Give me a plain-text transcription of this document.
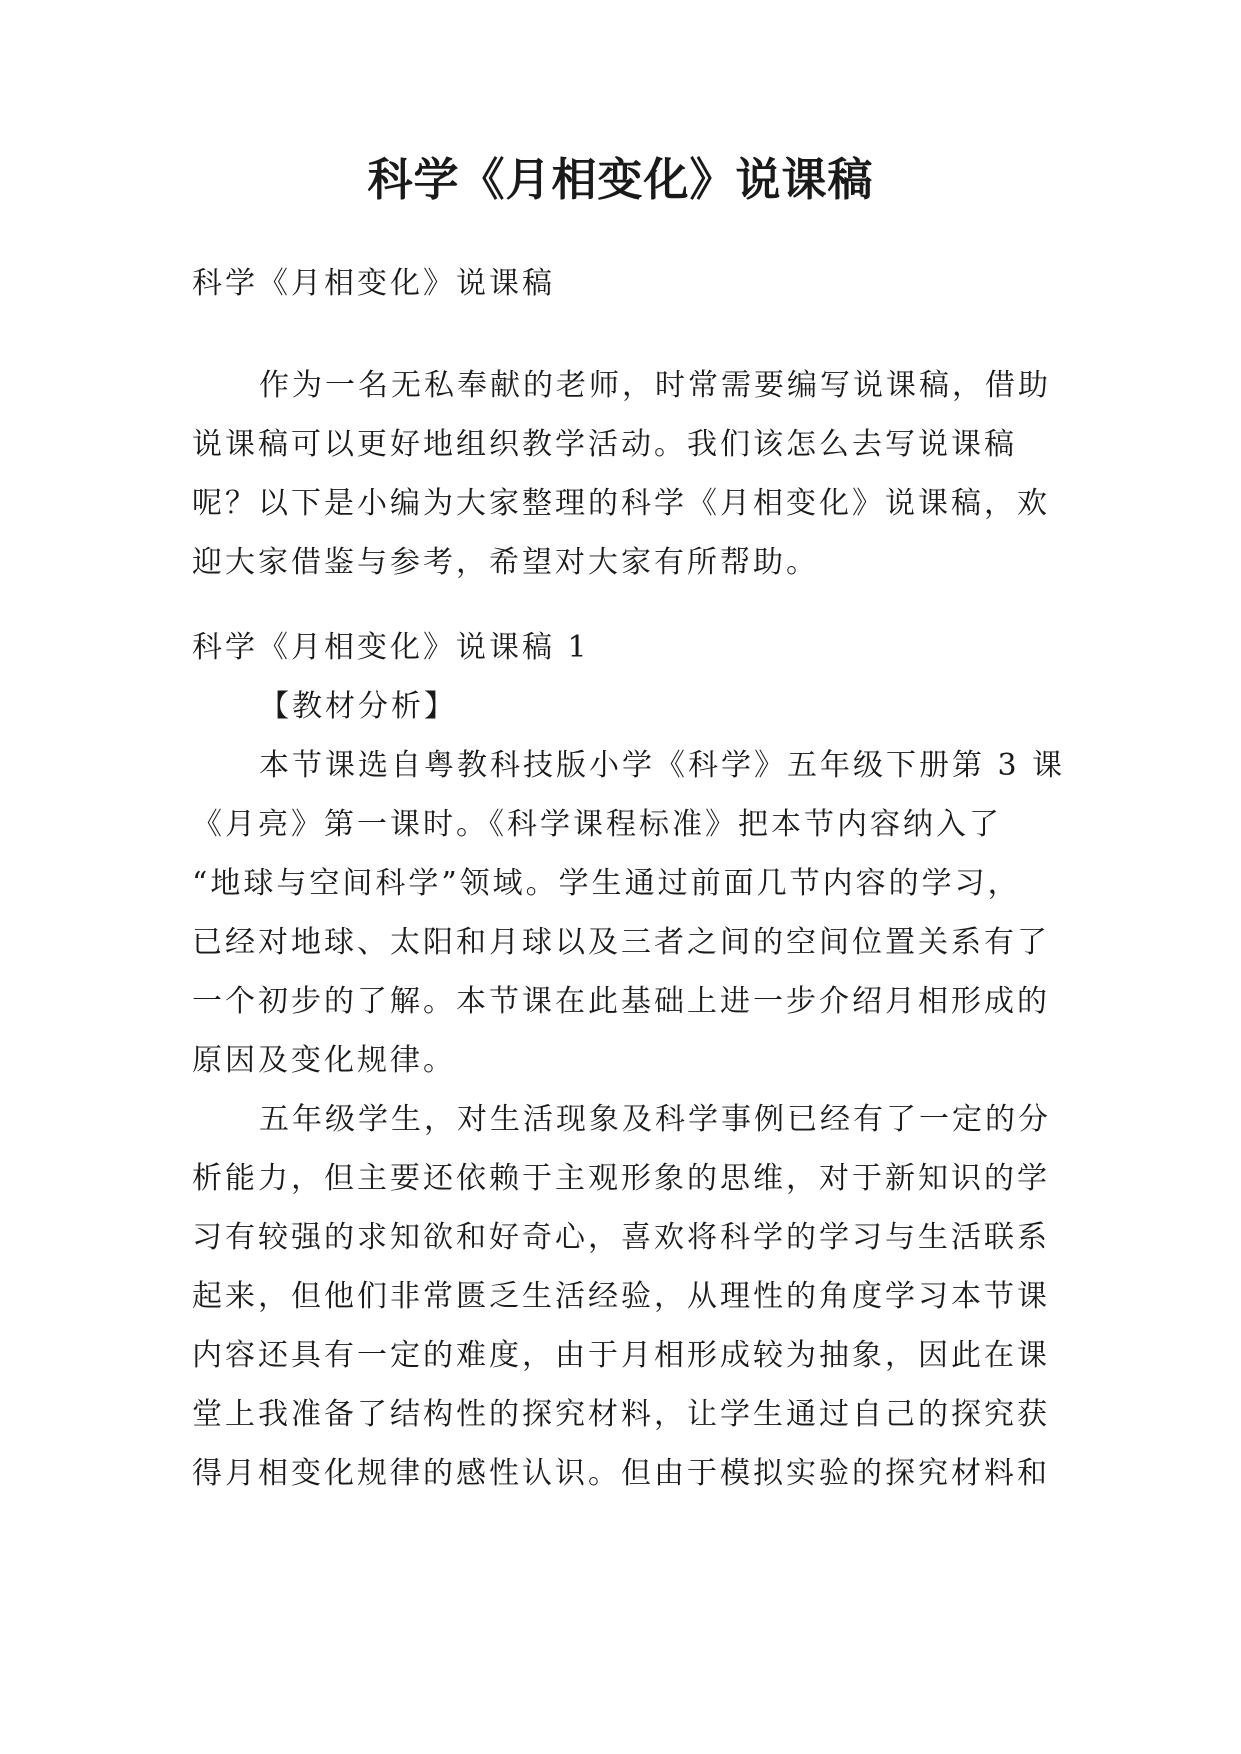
科学《月相变化》说课稿
科学《月相变化》说课稿
作为一名无私奉献的老师，时常需要编写说课稿，借助
说课稿可以更好地组织教学活动。我们该怎么去写说课稿
呢？以下是小编为大家整理的科学《月相变化》说课稿，欢
迎大家借鉴与参考，希望对大家有所帮助。
科学《月相变化》说课稿 1
【教材分析】
本节课选自粤教科技版小学《科学》五年级下册第 3 课
《月亮》第一课时。《科学课程标准》把本节内容纳入了
“地球与空间科学”领域。学生通过前面几节内容的学习，
已经对地球、太阳和月球以及三者之间的空间位置关系有了
一个初步的了解。本节课在此基础上进一步介绍月相形成的
原因及变化规律。
五年级学生，对生活现象及科学事例已经有了一定的分
析能力，但主要还依赖于主观形象的思维，对于新知识的学
习有较强的求知欲和好奇心，喜欢将科学的学习与生活联系
起来，但他们非常匮乏生活经验，从理性的角度学习本节课
内容还具有一定的难度，由于月相形成较为抽象，因此在课
堂上我准备了结构性的探究材料，让学生通过自己的探究获
得月相变化规律的感性认识。但由于模拟实验的探究材料和
